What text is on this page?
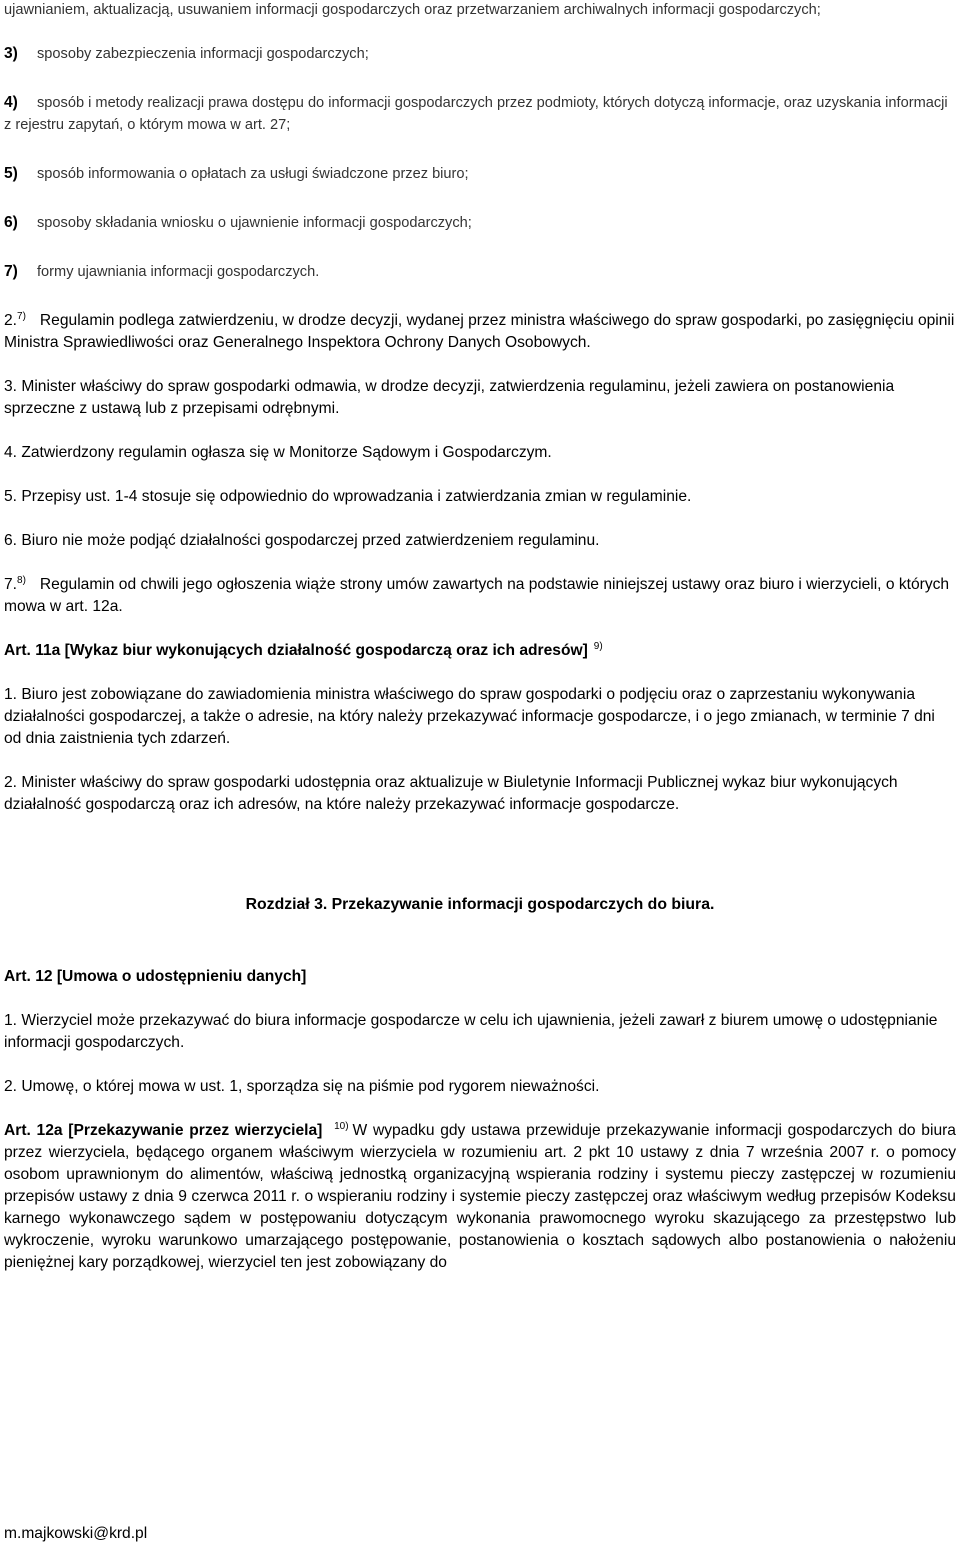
ujawnianiem, aktualizacją, usuwaniem informacji gospodarczych oraz przetwarzaniem archiwalnych informacji gospodarczych;

3) sposoby zabezpieczenia informacji gospodarczych;

4) sposób i metody realizacji prawa dostępu do informacji gospodarczych przez podmioty, których dotyczą informacje, oraz uzyskania informacji z rejestru zapytań, o którym mowa w art. 27;

5) sposób informowania o opłatach za usługi świadczone przez biuro;

6) sposoby składania wniosku o ujawnienie informacji gospodarczych;

7) formy ujawniania informacji gospodarczych.

2.$^{7)}$ Regulamin podlega zatwierdzeniu, w drodze decyzji, wydanej przez ministra właściwego do spraw gospodarki, po zasięgnięciu opinii Ministra Sprawiedliwości oraz Generalnego Inspektora Ochrony Danych Osobowych.

3. Minister właściwy do spraw gospodarki odmawia, w drodze decyzji, zatwierdzenia regulaminu, jeżeli zawiera on postanowienia sprzeczne z ustawą lub z przepisami odrębnymi.

4. Zatwierdzony regulamin ogłasza się w Monitorze Sądowym i Gospodarczym.

5. Przepisy ust. 1-4 stosuje się odpowiednio do wprowadzania i zatwierdzania zmian w regulaminie.

6. Biuro nie może podjąć działalności gospodarczej przed zatwierdzeniem regulaminu.

7.$^{8)}$ Regulamin od chwili jego ogłoszenia wiąże strony umów zawartych na podstawie niniejszej ustawy oraz biuro i wierzycieli, o których mowa w art. 12a.

Art. 11a [Wykaz biur wykonujących działalność gospodarczą oraz ich adresów] $^{9)}$

1. Biuro jest zobowiązane do zawiadomienia ministra właściwego do spraw gospodarki o podjęciu oraz o zaprzestaniu wykonywania działalności gospodarczej, a także o adresie, na który należy przekazywać informacje gospodarcze, i o jego zmianach, w terminie 7 dni od dnia zaistnienia tych zdarzeń.

2. Minister właściwy do spraw gospodarki udostępnia oraz aktualizuje w Biuletynie Informacji Publicznej wykaz biur wykonujących działalność gospodarczą oraz ich adresów, na które należy przekazywać informacje gospodarcze.

Rozdział 3. Przekazywanie informacji gospodarczych do biura.

Art. 12 [Umowa o udostępnieniu danych]

1. Wierzyciel może przekazywać do biura informacje gospodarcze w celu ich ujawnienia, jeżeli zawarł z biurem umowę o udostępnianie informacji gospodarczych.

2. Umowę, o której mowa w ust. 1, sporządza się na piśmie pod rygorem nieważności.

Art. 12a [Przekazywanie przez wierzyciela] $^{10)}$ W wypadku gdy ustawa przewiduje przekazywanie informacji gospodarczych do biura przez wierzyciela, będącego organem właściwym wierzyciela w rozumieniu art. 2 pkt 10 ustawy z dnia 7 września 2007 r. o pomocy osobom uprawnionym do alimentów, właściwą jednostką organizacyjną wspierania rodziny i systemu pieczy zastępczej w rozumieniu przepisów ustawy z dnia 9 czerwca 2011 r. o wspieraniu rodziny i systemie pieczy zastępczej oraz właściwym według przepisów Kodeksu karnego wykonawczego sądem w postępowaniu dotyczącym wykonania prawomocnego wyroku skazującego za przestępstwo lub wykroczenie, wyroku warunkowo umarzającego postępowanie, postanowienia o kosztach sądowych albo postanowienia o nałożeniu pieniężnej kary porządkowej, wierzyciel ten jest zobowiązany do

m.majkowski@krd.pl
